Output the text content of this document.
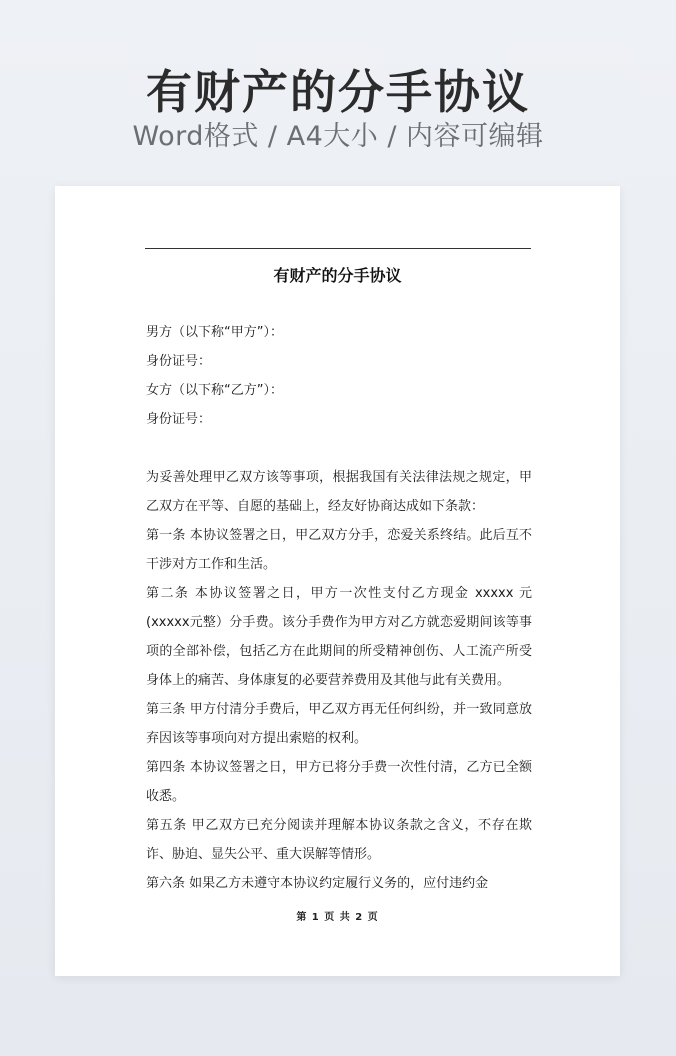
有财产的分手协议
Word格式 / A4大小 / 内容可编辑
有财产的分手协议

男方（以下称“甲方”）：

身份证号：

女方（以下称“乙方”）：

身份证号：

为妥善处理甲乙双方该等事项，根据我国有关法律法规之规定，甲乙双方在平等、自愿的基础上，经友好协商达成如下条款：

第一条 本协议签署之日，甲乙双方分手，恋爱关系终结。此后互不干涉对方工作和生活。

第二条 本协议签署之日，甲方一次性支付乙方现金 xxxxx 元(xxxxx元整）分手费。该分手费作为甲方对乙方就恋爱期间该等事项的全部补偿，包括乙方在此期间的所受精神创伤、人工流产所受身体上的痛苦、身体康复的必要营养费用及其他与此有关费用。

第三条 甲方付清分手费后，甲乙双方再无任何纠纷，并一致同意放弃因该等事项向对方提出索赔的权利。

第四条 本协议签署之日，甲方已将分手费一次性付清，乙方已全额收悉。

第五条 甲乙双方已充分阅读并理解本协议条款之含义，不存在欺诈、胁迫、显失公平、重大误解等情形。

第六条 如果乙方未遵守本协议约定履行义务的，应付违约金

第 1 页 共 2 页
